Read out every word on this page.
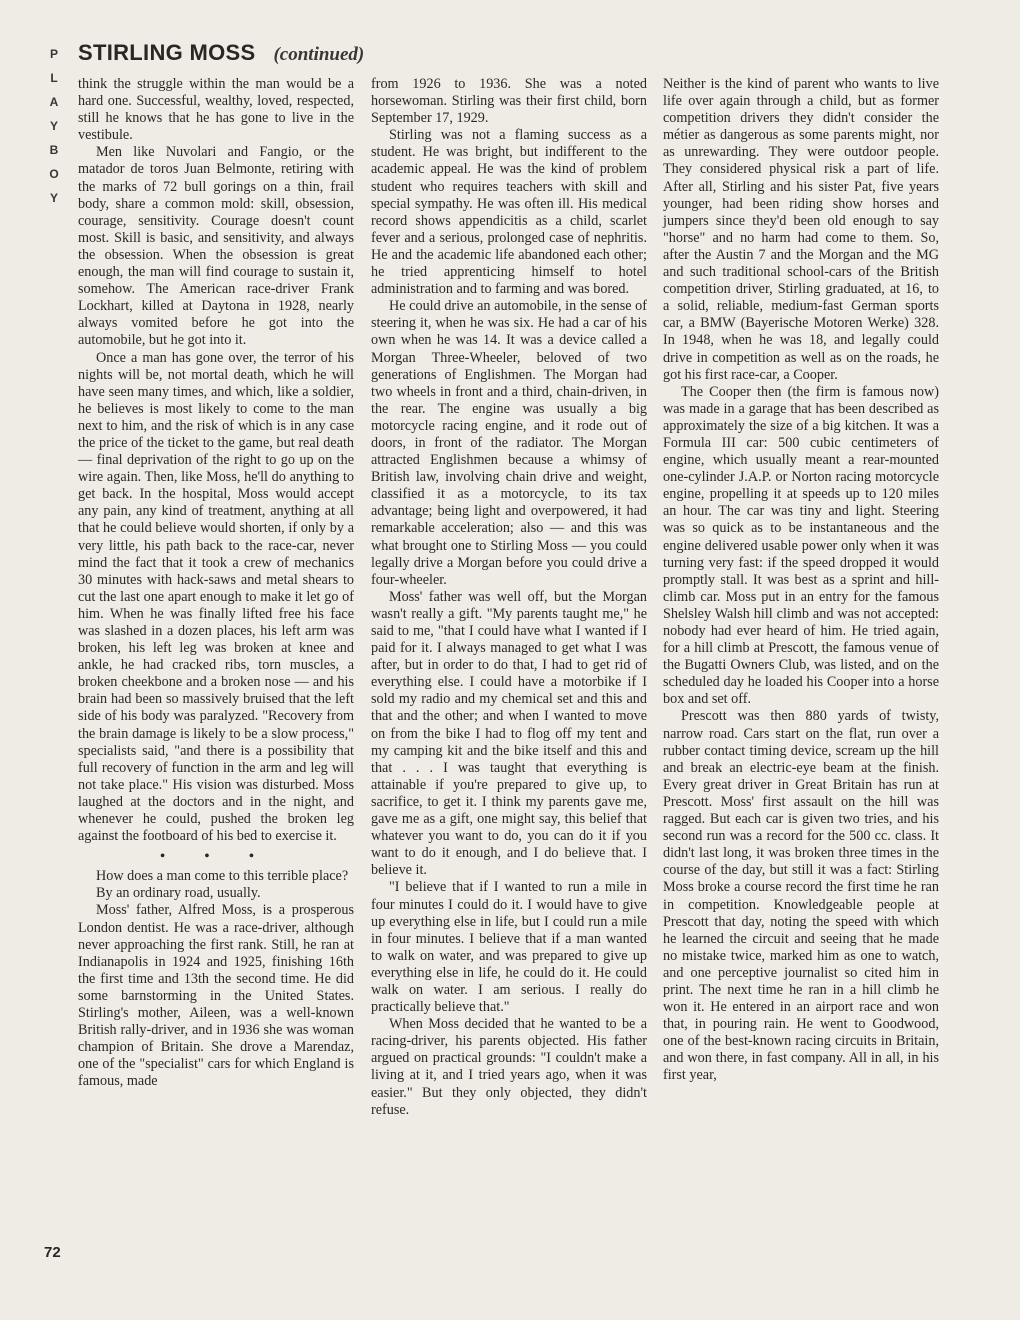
P
L
A
Y
B
O
Y
STIRLING MOSS (continued)

think the struggle within the man would be a hard one. Successful, wealthy, loved, respected, still he knows that he has gone to live in the vestibule.

Men like Nuvolari and Fangio, or the matador de toros Juan Belmonte, retiring with the marks of 72 bull gorings on a thin, frail body, share a common mold: skill, obsession, courage, sensitivity. Courage doesn't count most. Skill is basic, and sensitivity, and always the obsession. When the obsession is great enough, the man will find courage to sustain it, somehow. The American race-driver Frank Lockhart, killed at Daytona in 1928, nearly always vomited before he got into the automobile, but he got into it.

Once a man has gone over, the terror of his nights will be, not mortal death, which he will have seen many times, and which, like a soldier, he believes is most likely to come to the man next to him, and the risk of which is in any case the price of the ticket to the game, but real death — final deprivation of the right to go up on the wire again. Then, like Moss, he'll do anything to get back. In the hospital, Moss would accept any pain, any kind of treatment, anything at all that he could believe would shorten, if only by a very little, his path back to the race-car, never mind the fact that it took a crew of mechanics 30 minutes with hack-saws and metal shears to cut the last one apart enough to make it let go of him. When he was finally lifted free his face was slashed in a dozen places, his left arm was broken, his left leg was broken at knee and ankle, he had cracked ribs, torn muscles, a broken cheekbone and a broken nose — and his brain had been so massively bruised that the left side of his body was paralyzed. "Recovery from the brain damage is likely to be a slow process," specialists said, "and there is a possibility that full recovery of function in the arm and leg will not take place." His vision was disturbed. Moss laughed at the doctors and in the night, and whenever he could, pushed the broken leg against the footboard of his bed to exercise it.

• • •

How does a man come to this terrible place?

By an ordinary road, usually.

Moss' father, Alfred Moss, is a prosperous London dentist. He was a race-driver, although never approaching the first rank. Still, he ran at Indianapolis in 1924 and 1925, finishing 16th the first time and 13th the second time. He did some barnstorming in the United States. Stirling's mother, Aileen, was a well-known British rally-driver, and in 1936 she was woman champion of Britain. She drove a Marendaz, one of the "specialist" cars for which England is famous, made

from 1926 to 1936. She was a noted horsewoman. Stirling was their first child, born September 17, 1929.

Stirling was not a flaming success as a student. He was bright, but indifferent to the academic appeal. He was the kind of problem student who requires teachers with skill and special sympathy. He was often ill. His medical record shows appendicitis as a child, scarlet fever and a serious, prolonged case of nephritis. He and the academic life abandoned each other; he tried apprenticing himself to hotel administration and to farming and was bored.

He could drive an automobile, in the sense of steering it, when he was six. He had a car of his own when he was 14. It was a device called a Morgan Three-Wheeler, beloved of two generations of Englishmen. The Morgan had two wheels in front and a third, chain-driven, in the rear. The engine was usually a big motorcycle racing engine, and it rode out of doors, in front of the radiator. The Morgan attracted Englishmen because a whimsy of British law, involving chain drive and weight, classified it as a motorcycle, to its tax advantage; being light and overpowered, it had remarkable acceleration; also — and this was what brought one to Stirling Moss — you could legally drive a Morgan before you could drive a four-wheeler.

Moss' father was well off, but the Morgan wasn't really a gift. "My parents taught me," he said to me, "that I could have what I wanted if I paid for it. I always managed to get what I was after, but in order to do that, I had to get rid of everything else. I could have a motorbike if I sold my radio and my chemical set and this and that and the other; and when I wanted to move on from the bike I had to flog off my tent and my camping kit and the bike itself and this and that . . . I was taught that everything is attainable if you're prepared to give up, to sacrifice, to get it. I think my parents gave me, gave me as a gift, one might say, this belief that whatever you want to do, you can do it if you want to do it enough, and I do believe that. I believe it.

"I believe that if I wanted to run a mile in four minutes I could do it. I would have to give up everything else in life, but I could run a mile in four minutes. I believe that if a man wanted to walk on water, and was prepared to give up everything else in life, he could do it. He could walk on water. I am serious. I really do practically believe that."

When Moss decided that he wanted to be a racing-driver, his parents objected. His father argued on practical grounds: "I couldn't make a living at it, and I tried years ago, when it was easier." But they only objected, they didn't refuse.

Neither is the kind of parent who wants to live life over again through a child, but as former competition drivers they didn't consider the métier as dangerous as some parents might, nor as unrewarding. They were outdoor people. They considered physical risk a part of life. After all, Stirling and his sister Pat, five years younger, had been riding show horses and jumpers since they'd been old enough to say "horse" and no harm had come to them. So, after the Austin 7 and the Morgan and the MG and such traditional school-cars of the British competition driver, Stirling graduated, at 16, to a solid, reliable, medium-fast German sports car, a BMW (Bayerische Motoren Werke) 328. In 1948, when he was 18, and legally could drive in competition as well as on the roads, he got his first race-car, a Cooper.

The Cooper then (the firm is famous now) was made in a garage that has been described as approximately the size of a big kitchen. It was a Formula III car: 500 cubic centimeters of engine, which usually meant a rear-mounted one-cylinder J.A.P. or Norton racing motorcycle engine, propelling it at speeds up to 120 miles an hour. The car was tiny and light. Steering was so quick as to be instantaneous and the engine delivered usable power only when it was turning very fast: if the speed dropped it would promptly stall. It was best as a sprint and hill-climb car. Moss put in an entry for the famous Shelsley Walsh hill climb and was not accepted: nobody had ever heard of him. He tried again, for a hill climb at Prescott, the famous venue of the Bugatti Owners Club, was listed, and on the scheduled day he loaded his Cooper into a horse box and set off.

Prescott was then 880 yards of twisty, narrow road. Cars start on the flat, run over a rubber contact timing device, scream up the hill and break an electric-eye beam at the finish. Every great driver in Great Britain has run at Prescott. Moss' first assault on the hill was ragged. But each car is given two tries, and his second run was a record for the 500 cc. class. It didn't last long, it was broken three times in the course of the day, but still it was a fact: Stirling Moss broke a course record the first time he ran in competition. Knowledgeable people at Prescott that day, noting the speed with which he learned the circuit and seeing that he made no mistake twice, marked him as one to watch, and one perceptive journalist so cited him in print. The next time he ran in a hill climb he won it. He entered in an airport race and won that, in pouring rain. He went to Goodwood, one of the best-known racing circuits in Britain, and won there, in fast company. All in all, in his first year,

72
